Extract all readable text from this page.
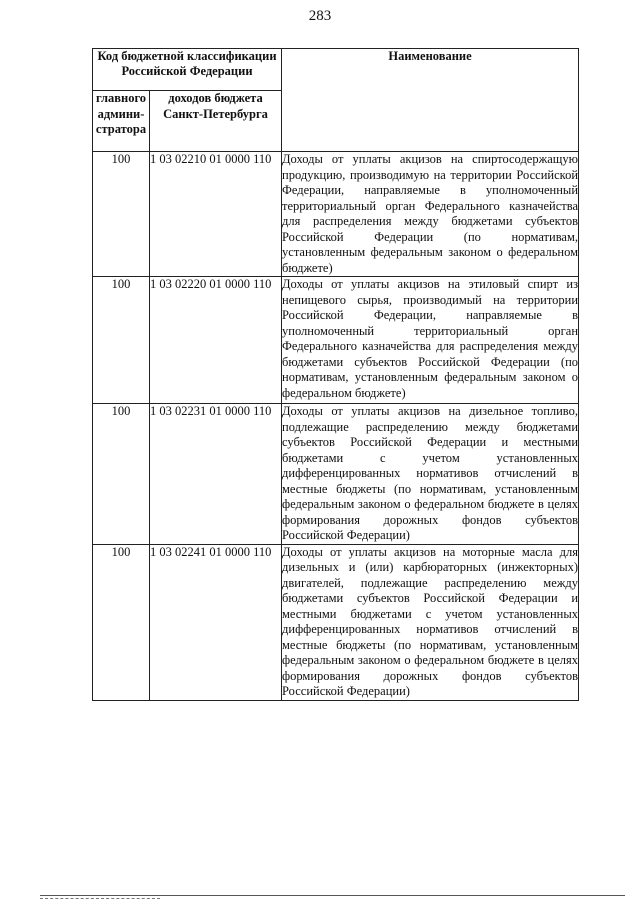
283
Код бюджетной классификации Российской Федерации		Наименование
главного админи-стратора	доходов бюджета Санкт-Петербурга	
100	1 03 02210 01 0000 110	Доходы от уплаты акцизов на спиртосодержащую продукцию, производимую на территории Российской Федерации, направляемые в уполномоченный территориальный орган Федерального казначейства для распределения между бюджетами субъектов Российской Федерации (по нормативам, установленным федеральным законом о федеральном бюджете)
100	1 03 02220 01 0000 110	Доходы от уплаты акцизов на этиловый спирт из непищевого сырья, производимый на территории Российской Федерации, направляемые в уполномоченный территориальный орган Федерального казначейства для распределения между бюджетами субъектов Российской Федерации (по нормативам, установленным федеральным законом о федеральном бюджете)
100	1 03 02231 01 0000 110	Доходы от уплаты акцизов на дизельное топливо, подлежащие распределению между бюджетами субъектов Российской Федерации и местными бюджетами с учетом установленных дифференцированных нормативов отчислений в местные бюджеты (по нормативам, установленным федеральным законом о федеральном бюджете в целях формирования дорожных фондов субъектов Российской Федерации)
100	1 03 02241 01 0000 110	Доходы от уплаты акцизов на моторные масла для дизельных и (или) карбюраторных (инжекторных) двигателей, подлежащие распределению между бюджетами субъектов Российской Федерации и местными бюджетами с учетом установленных дифференцированных нормативов отчислений в местные бюджеты (по нормативам, установленным федеральным законом о федеральном бюджете в целях формирования дорожных фондов субъектов Российской Федерации)
